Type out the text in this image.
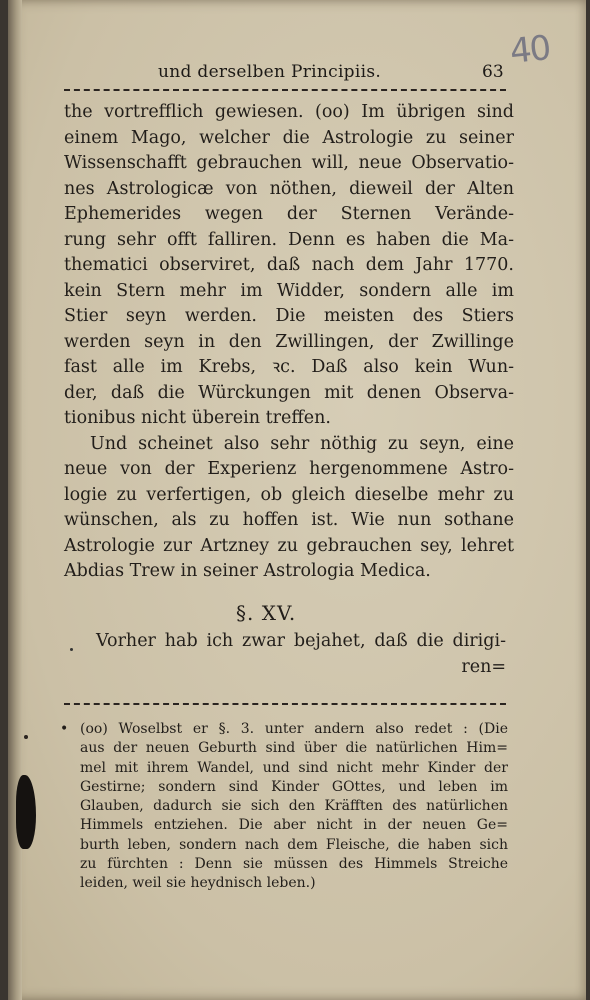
40
und derselben Principiis.	63

the vortrefflich gewiesen. (oo) Im übrigen sind
einem Mago, welcher die Astrologie zu seiner
Wissenschafft gebrauchen will, neue Observatio-
nes Astrologicæ von nöthen, dieweil der Alten
Ephemerides wegen der Sternen Verände-
rung sehr offt falliren. Denn es haben die Ma-
thematici observiret, daß nach dem Jahr 1770.
kein Stern mehr im Widder, sondern alle im
Stier seyn werden. Die meisten des Stiers
werden seyn in den Zwillingen, der Zwillinge
fast alle im Krebs, ꝛc. Daß also kein Wun-
der, daß die Würckungen mit denen Observa-
tionibus nicht überein treffen.

Und scheinet also sehr nöthig zu seyn, eine
neue von der Experienz hergenommene Astro-
logie zu verfertigen, ob gleich dieselbe mehr zu
wünschen, als zu hoffen ist. Wie nun sothane
Astrologie zur Artzney zu gebrauchen sey, lehret
Abdias Trew in seiner Astrologia Medica.

§. XV.
Vorher hab ich zwar bejahet, daß die dirigi-
ren=
• (oo) Woselbst er §. 3. unter andern also redet : (Die
aus der neuen Geburth sind über die natürlichen Him=
mel mit ihrem Wandel, und sind nicht mehr Kinder der
Gestirne; sondern sind Kinder GOttes, und leben im
Glauben, dadurch sie sich den Kräfften des natürlichen
Himmels entziehen. Die aber nicht in der neuen Ge=
burth leben, sondern nach dem Fleische, die haben sich
zu fürchten : Denn sie müssen des Himmels Streiche
leiden, weil sie heydnisch leben.)
